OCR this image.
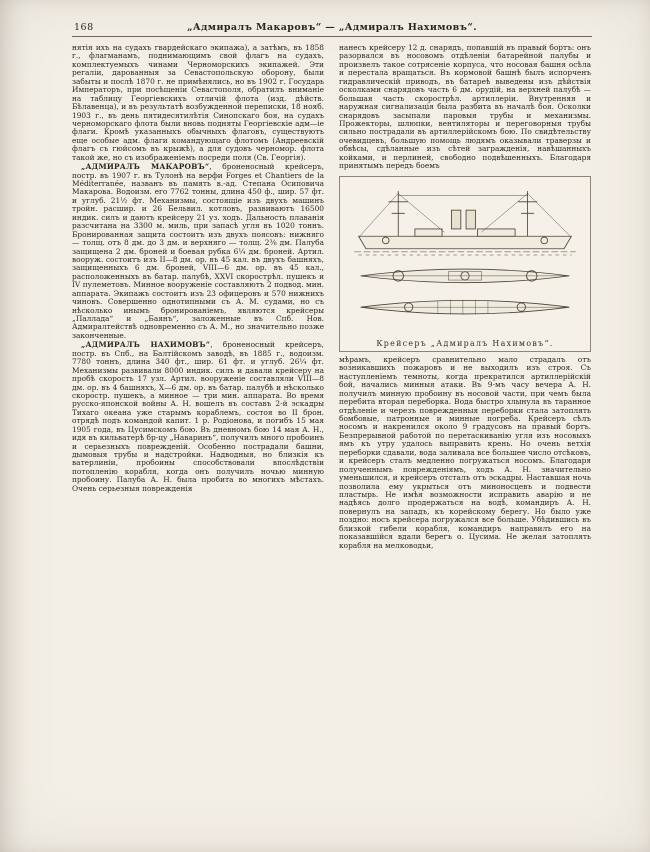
168	„Адмиралъ Макаровъ“ — „Адмиралъ Нахимовъ“.

нятія ихъ на судахъ гвардейскаго экипажа), а затѣмъ, въ 1858 г., флагманамъ, поднимающимъ свой флагъ на судахъ, комплектуемыхъ чинами Черноморскихъ экипажей. Эти регаліи, дарованныя за Севастопольскую оборону, были забыты и послѣ 1870 г. не примѣнялись, но въ 1902 г. Государь Императоръ, при посѣщеніи Севастополя, обратилъ вниманіе на таблицу Георгіевскихъ отличій флота (изд. дѣйств. Бѣлавенца), и въ результатѣ возбужденной переписки, 18 нояб. 1903 г., въ день пятидесятилѣтія Синопскаго боя, на судахъ черноморскаго флота были вновь подняты Георгіевскіе адм—іе флаги. Кромѣ указанныхъ обычныхъ флаговъ, существуютъ еще особые адм. флаги командующаго флотомъ (Андреевскій флагъ съ гюйсомъ въ крыжѣ), а для судовъ черномор. флота такой же, но съ изображеніемъ посреди поля (Св. Георгія).

„АДМИРАЛЪ МАКАРОВЪ“, броненосный крейсеръ, постр. въ 1907 г. въ Тулонѣ на верфи Forges et Chantiers de la Méditerranée, названъ въ память в.-ад. Степана Осиповича Макарова. Водоизм. его 7762 тонны, длина 450 ф., шир. 57 фт. и углуб. 21½ фт. Механизмы, состоящіе изъ двухъ машинъ тройн. расшир. и 26 Бельвил. котловъ, развиваютъ 16500 индик. силъ и даютъ крейсеру 21 уз. ходъ. Дальность плаванія разсчитана на 3300 м. миль, при запасѣ угля въ 1020 тоннъ. Бронированная защита состоитъ изъ двухъ поясовъ: нижняго — толщ. отъ 8 дм. до 3 дм. и верхняго — толщ. 2⅜ дм. Палуба защищена 2 дм. броней и боевая рубка 6¼ дм. броней. Артил. вооруж. состоитъ изъ II—8 дм. ор. въ 45 кал. въ двухъ башняхъ, защищенныхъ 6 дм. броней, VIII—6 дм. ор. въ 45 кал., расположенныхъ въ батар. палубѣ, XXVI скорострѣл. пушекъ и IV пулеметовъ. Минное вооруженіе составляютъ 2 подвод. мин. аппарата. Экипажъ состоитъ изъ 23 офицеровъ и 570 нижнихъ чиновъ. Совершенно однотипными съ А. М. судами, но съ нѣсколько инымъ бронированіемъ, являются крейсеры „Паллада“ и „Баянъ“, заложенные въ Спб. Нов. Адмиралтействѣ одновременно съ А. М., но значительно позже законченные.

„АДМИРАЛЪ НАХИМОВЪ“, броненосный крейсеръ, постр. въ Спб., на Балтійскомъ заводѣ, въ 1885 г., водоизм. 7780 тоннъ, длина 340 фт., шир. 61 фт. и углуб. 26¼ фт. Механизмы развивали 8000 индик. силъ и давали крейсеру на пробѣ скорость 17 узл. Артил. вооруженіе составляли VIII—8 дм. ор. въ 4 башняхъ, X—6 дм. ор. въ батар. палубѣ и нѣсколько скоростр. пушекъ, а минное — три мин. аппарата. Во время русско-японской войны А. Н. вошелъ въ составъ 2-й эскадры Тихаго океана уже старымъ кораблемъ, состоя во II брон. отрядѣ подъ командой капит. 1 р. Родіонова, и погибъ 15 мая 1905 года, въ Цусимскомъ бою. Въ дневномъ бою 14 мая А. Н., идя въ кильватерѣ бр-цу „Наваринъ“, получилъ много пробоинъ и серьезныхъ поврежденій. Особенно пострадали башни, дымовыя трубы и надстройки. Надводныя, но близкія къ ватерлиніи, пробоины способствовали впослѣдствіи потопленію корабля, когда онъ получилъ ночью минную пробоину. Палуба А. Н. была пробита во многихъ мѣстахъ. Очень серьезныя поврежденія

нанесъ крейсеру 12 д. снарядъ, попавшій въ правый бортъ: онъ разорвался въ носовомъ отдѣленіи батарейной палубы и произвелъ такое сотрясеніе корпуса, что носовая башня осѣла и перестала вращаться. Въ кормовой башнѣ былъ испорченъ гидравлическій приводъ, въ батареѣ выведены изъ дѣйствія осколками снарядовъ часть 6 дм. орудій, на верхней палубѣ — большая часть скорострѣл. артиллеріи. Внутренняя и наружная сигнализація была разбита въ началѣ боя. Осколки снарядовъ засыпали паровыя трубы и механизмы. Прожекторы, шлюпки, вентиляторы и переговорныя трубы сильно пострадали въ артиллерійскомъ бою. По свидѣтельству очевидцевъ, большую помощь людямъ оказывали траверзы и обвѣсы, сдѣланные изъ сѣтей загражденія, навѣшанныхъ койками, и перлиней, свободно подвѣшенныхъ. Благодаря принятымъ передъ боемъ

Крейсеръ „Адмиралъ Нахимовъ“.

мѣрамъ, крейсеръ сравнительно мало страдалъ отъ возникавшихъ пожаровъ и не выходилъ изъ строя. Съ наступленіемъ темноты, когда прекратился артиллерійскій бой, начались минныя атаки. Въ 9-мъ часу вечера А. Н. получилъ минную пробоину въ носовой части, при чемъ была перебита вторая переборка. Вода быстро хлынула въ таранное отдѣленіе и черезъ поврежденныя переборки стала затоплять бомбовые, патронные и минные погреба. Крейсеръ сѣлъ носомъ и накренился около 9 градусовъ на правый бортъ. Безпрерывной работой по перетаскиванію угля изъ носовыхъ ямъ къ утру удалось выправить крень. Но очень ветхія переборки сдавали, вода заливала все большее число отсѣковъ, и крейсеръ сталъ медленно погружаться носомъ. Благодаря полученнымъ поврежденіямъ, ходъ А. Н. значительно уменьшился, и крейсеръ отсталъ отъ эскадры. Наставшая ночь позволила ему укрыться отъ миноносцевъ и подвести пластырь. Не имѣя возможности исправить аварію и не надѣясь долго продержаться на водѣ, командиръ А. Н. повернулъ на западъ, къ корейскому берегу. Но было уже поздно: носъ крейсера погружался все больше. Убѣдившись въ близкой гибели корабля, командиръ направилъ его на показавшійся вдали берегъ о. Цусима. Не желая затоплять корабля на мелководьи,
